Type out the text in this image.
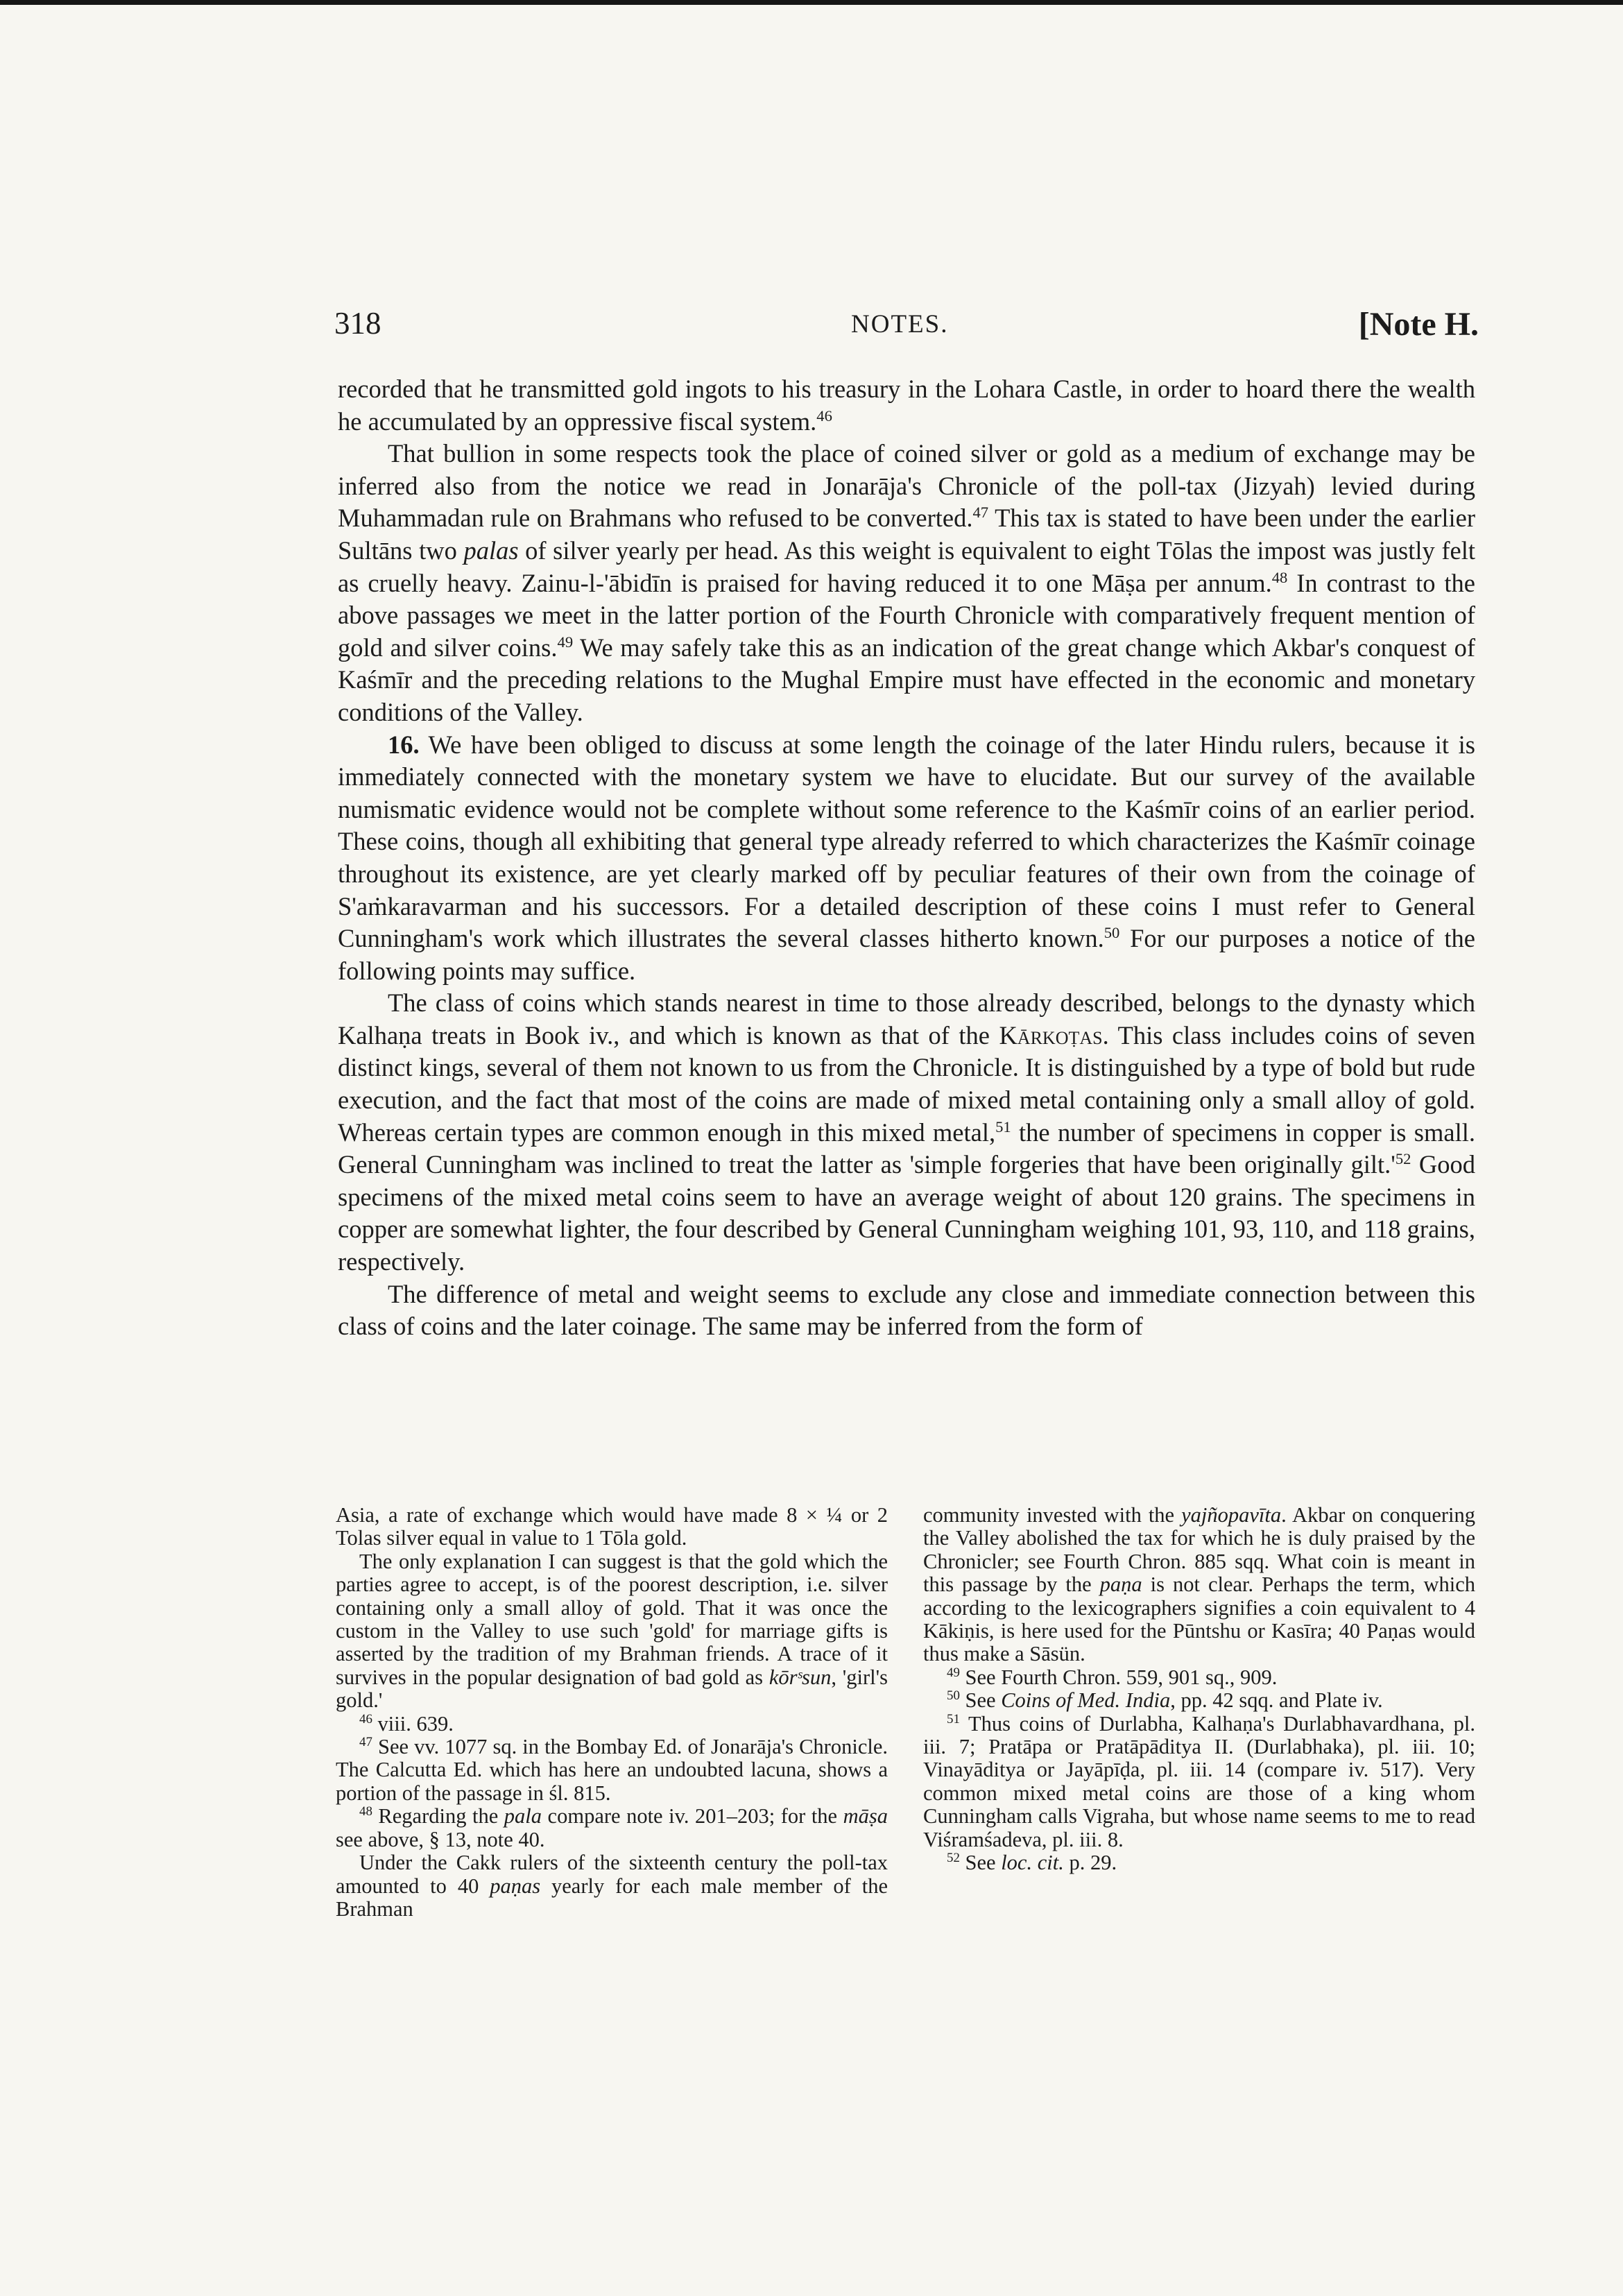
318	NOTES.	[Note H.

recorded that he transmitted gold ingots to his treasury in the Lohara Castle, in order to hoard there the wealth he accumulated by an oppressive fiscal system.$^{46}$

That bullion in some respects took the place of coined silver or gold as a medium of exchange may be inferred also from the notice we read in Jonarāja's Chronicle of the poll-tax (Jizyah) levied during Muhammadan rule on Brahmans who refused to be converted.$^{47}$ This tax is stated to have been under the earlier Sultāns two palas of silver yearly per head. As this weight is equivalent to eight Tōlas the impost was justly felt as cruelly heavy. Zainu-l-'ābidīn is praised for having reduced it to one Māṣa per annum.$^{48}$ In contrast to the above passages we meet in the latter portion of the Fourth Chronicle with comparatively frequent mention of gold and silver coins.$^{49}$ We may safely take this as an indication of the great change which Akbar's conquest of Kaśmīr and the preceding relations to the Mughal Empire must have effected in the economic and monetary conditions of the Valley.

16. We have been obliged to discuss at some length the coinage of the later Hindu rulers, because it is immediately connected with the monetary system we have to elucidate. But our survey of the available numismatic evidence would not be complete without some reference to the Kaśmīr coins of an earlier period. These coins, though all exhibiting that general type already referred to which characterizes the Kaśmīr coinage throughout its existence, are yet clearly marked off by peculiar features of their own from the coinage of S'aṁkaravarman and his successors. For a detailed description of these coins I must refer to General Cunningham's work which illustrates the several classes hitherto known.$^{50}$ For our purposes a notice of the following points may suffice.

The class of coins which stands nearest in time to those already described, belongs to the dynasty which Kalhaṇa treats in Book iv., and which is known as that of the Kārkoṭas. This class includes coins of seven distinct kings, several of them not known to us from the Chronicle. It is distinguished by a type of bold but rude execution, and the fact that most of the coins are made of mixed metal containing only a small alloy of gold. Whereas certain types are common enough in this mixed metal,$^{51}$ the number of specimens in copper is small. General Cunningham was inclined to treat the latter as 'simple forgeries that have been originally $gilt.'^{52}$ Good specimens of the mixed metal coins seem to have an average weight of about 120 grains. The specimens in copper are somewhat lighter, the four described by General Cunningham weighing 101, 93, 110, and 118 grains, respectively.

The difference of metal and weight seems to exclude any close and immediate connection between this class of coins and the later coinage. The same may be inferred from the form of

Asia, a rate of exchange which would have made 8 × ¼ or 2 Tolas silver equal in value to 1 Tōla gold.

The only explanation I can suggest is that the gold which the parties agree to accept, is of the poorest description, i.e. silver containing only a small alloy of gold. That it was once the custom in the Valley to use such 'gold' for marriage gifts is asserted by the tradition of my Brahman friends. A trace of it survives in the popular designation of bad gold as kōrˢsun, 'girl's gold.'

$^{46}$ viii. 639.

$^{47}$ See vv. 1077 sq. in the Bombay Ed. of Jonarāja's Chronicle. The Calcutta Ed. which has here an undoubted lacuna, shows a portion of the passage in śl. 815.

$^{48}$ Regarding the pala compare note iv. 201–203; for the māṣa see above, § 13, note 40.

Under the Cakk rulers of the sixteenth century the poll-tax amounted to 40 paṇas yearly for each male member of the Brahman

community invested with the yajñopavīta. Akbar on conquering the Valley abolished the tax for which he is duly praised by the Chronicler; see Fourth Chron. 885 sqq. What coin is meant in this passage by the paṇa is not clear. Perhaps the term, which according to the lexicographers signifies a coin equivalent to 4 Kākiṇis, is here used for the Pūntshu or Kasīra; 40 Paṇas would thus make a Sāsün.

$^{49}$ See Fourth Chron. 559, 901 sq., 909.

$^{50}$ See Coins of Med. India, pp. 42 sqq. and Plate iv.

$^{51}$ Thus coins of Durlabha, Kalhaṇa's Durlabhavardhana, pl. iii. 7; Pratāpa or Pratāpāditya II. (Durlabhaka), pl. iii. 10; Vinayāditya or Jayāpīḍa, pl. iii. 14 (compare iv. 517). Very common mixed metal coins are those of a king whom Cunningham calls Vigraha, but whose name seems to me to read Viśramśadeva, pl. iii. 8.

$^{52}$ See loc. cit. p. 29.
